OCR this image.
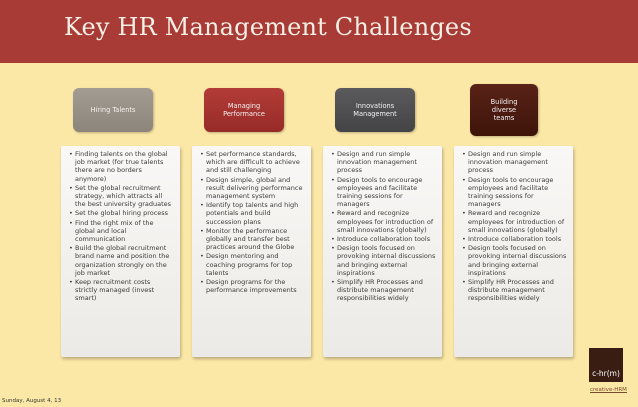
Key HR Management Challenges
Hiring Talents	Managing Performance
Innovations Management
Building diverse teams
• Finding talents on the global job market (for true talents there are no borders anymore)
• Set the global recruitment strategy, which attracts all the best university graduates
• Set the global hiring process
• Find the right mix of the global and local communication
• Build the global recruitment brand name and position the organization strongly on the job market
• Keep recruitment costs strictly managed (invest smart)
• Set performance standards, which are difficult to achieve and still challenging
• Design simple, global and result delivering performance management system
• Identify top talents and high potentials and build succession plans
• Monitor the performance globally and transfer best practices around the Globe
• Design mentoring and coaching programs for top talents
• Design programs for the performance improvements
• Design and run simple innovation management process
• Design tools to encourage employees and facilitate training sessions for managers
• Reward and recognize employees for introduction of small innovations (globally)
• Introduce collaboration tools
• Design tools focused on provoking internal discussions and bringing external inspirations
• Simplify HR Processes and distribute management responsibilities widely
• Design and run simple innovation management process
• Design tools to encourage employees and facilitate training sessions for managers
• Reward and recognize employees for introduction of small innovations (globally)
• Introduce collaboration tools
• Design tools focused on provoking internal discussions and bringing external inspirations
• Simplify HR Processes and distribute management responsibilities widely
c-hr(m)
creative-HRM
Sunday, August 4, 13
